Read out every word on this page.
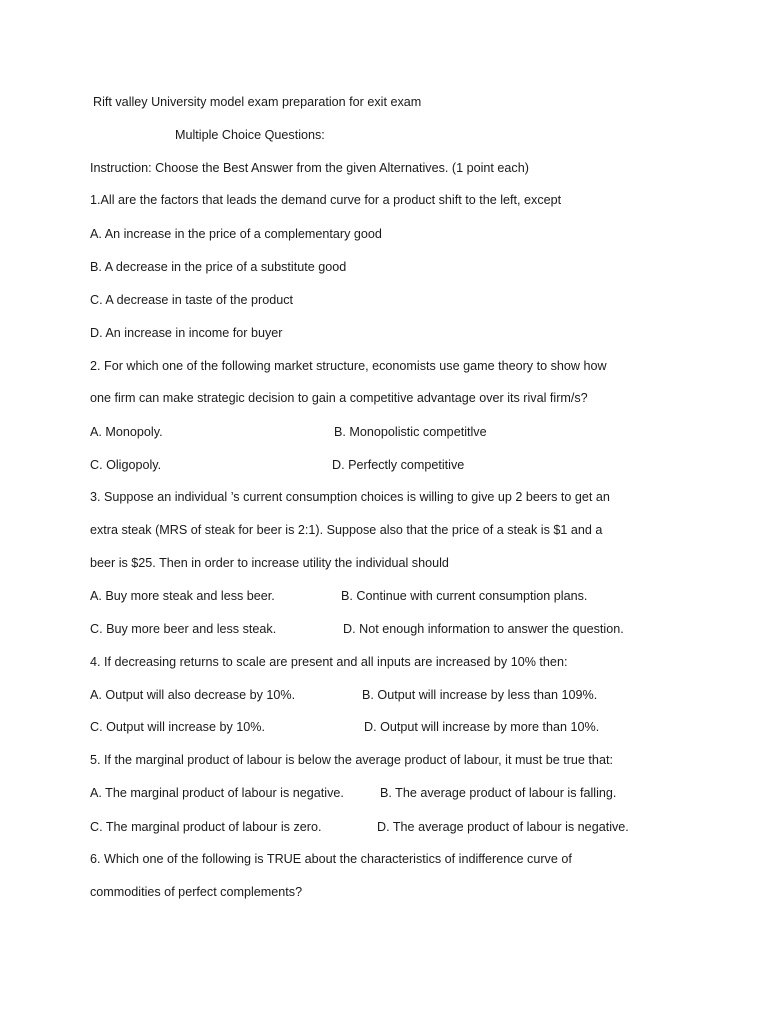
Rift valley University model exam preparation for exit exam
Multiple Choice Questions:
Instruction: Choose the Best Answer from the given Alternatives. (1 point each)
1.All are the factors that leads the demand curve for a product shift to the left, except
A. An increase in the price of a complementary good
B. A decrease in the price of a substitute good
C. A decrease in taste of the product
D. An increase in income for buyer
2. For which one of the following market structure, economists use game theory to show how
one firm can make strategic decision to gain a competitive advantage over its rival firm/s?
A. Monopoly.	B. Monopolistic competitlve
C. Oligopoly.	D. Perfectly competitive
3. Suppose an individual ’s current consumption choices is willing to give up 2 beers to get an
extra steak (MRS of steak for beer is 2:1). Suppose also that the price of a steak is $1 and a
beer is $25. Then in order to increase utility the individual should
A. Buy more steak and less beer.	B. Continue with current consumption plans.
C. Buy more beer and less steak.	D. Not enough information to answer the question.
4. If decreasing returns to scale are present and all inputs are increased by 10% then:
A. Output will also decrease by 10%.	B. Output will increase by less than 109%.
C. Output will increase by 10%.	D. Output will increase by more than 10%.
5. If the marginal product of labour is below the average product of labour, it must be true that:
A. The marginal product of labour is negative.	B. The average product of labour is falling.
C. The marginal product of labour is zero.	D. The average product of labour is negative.
6. Which one of the following is TRUE about the characteristics of indifference curve of
commodities of perfect complements?
